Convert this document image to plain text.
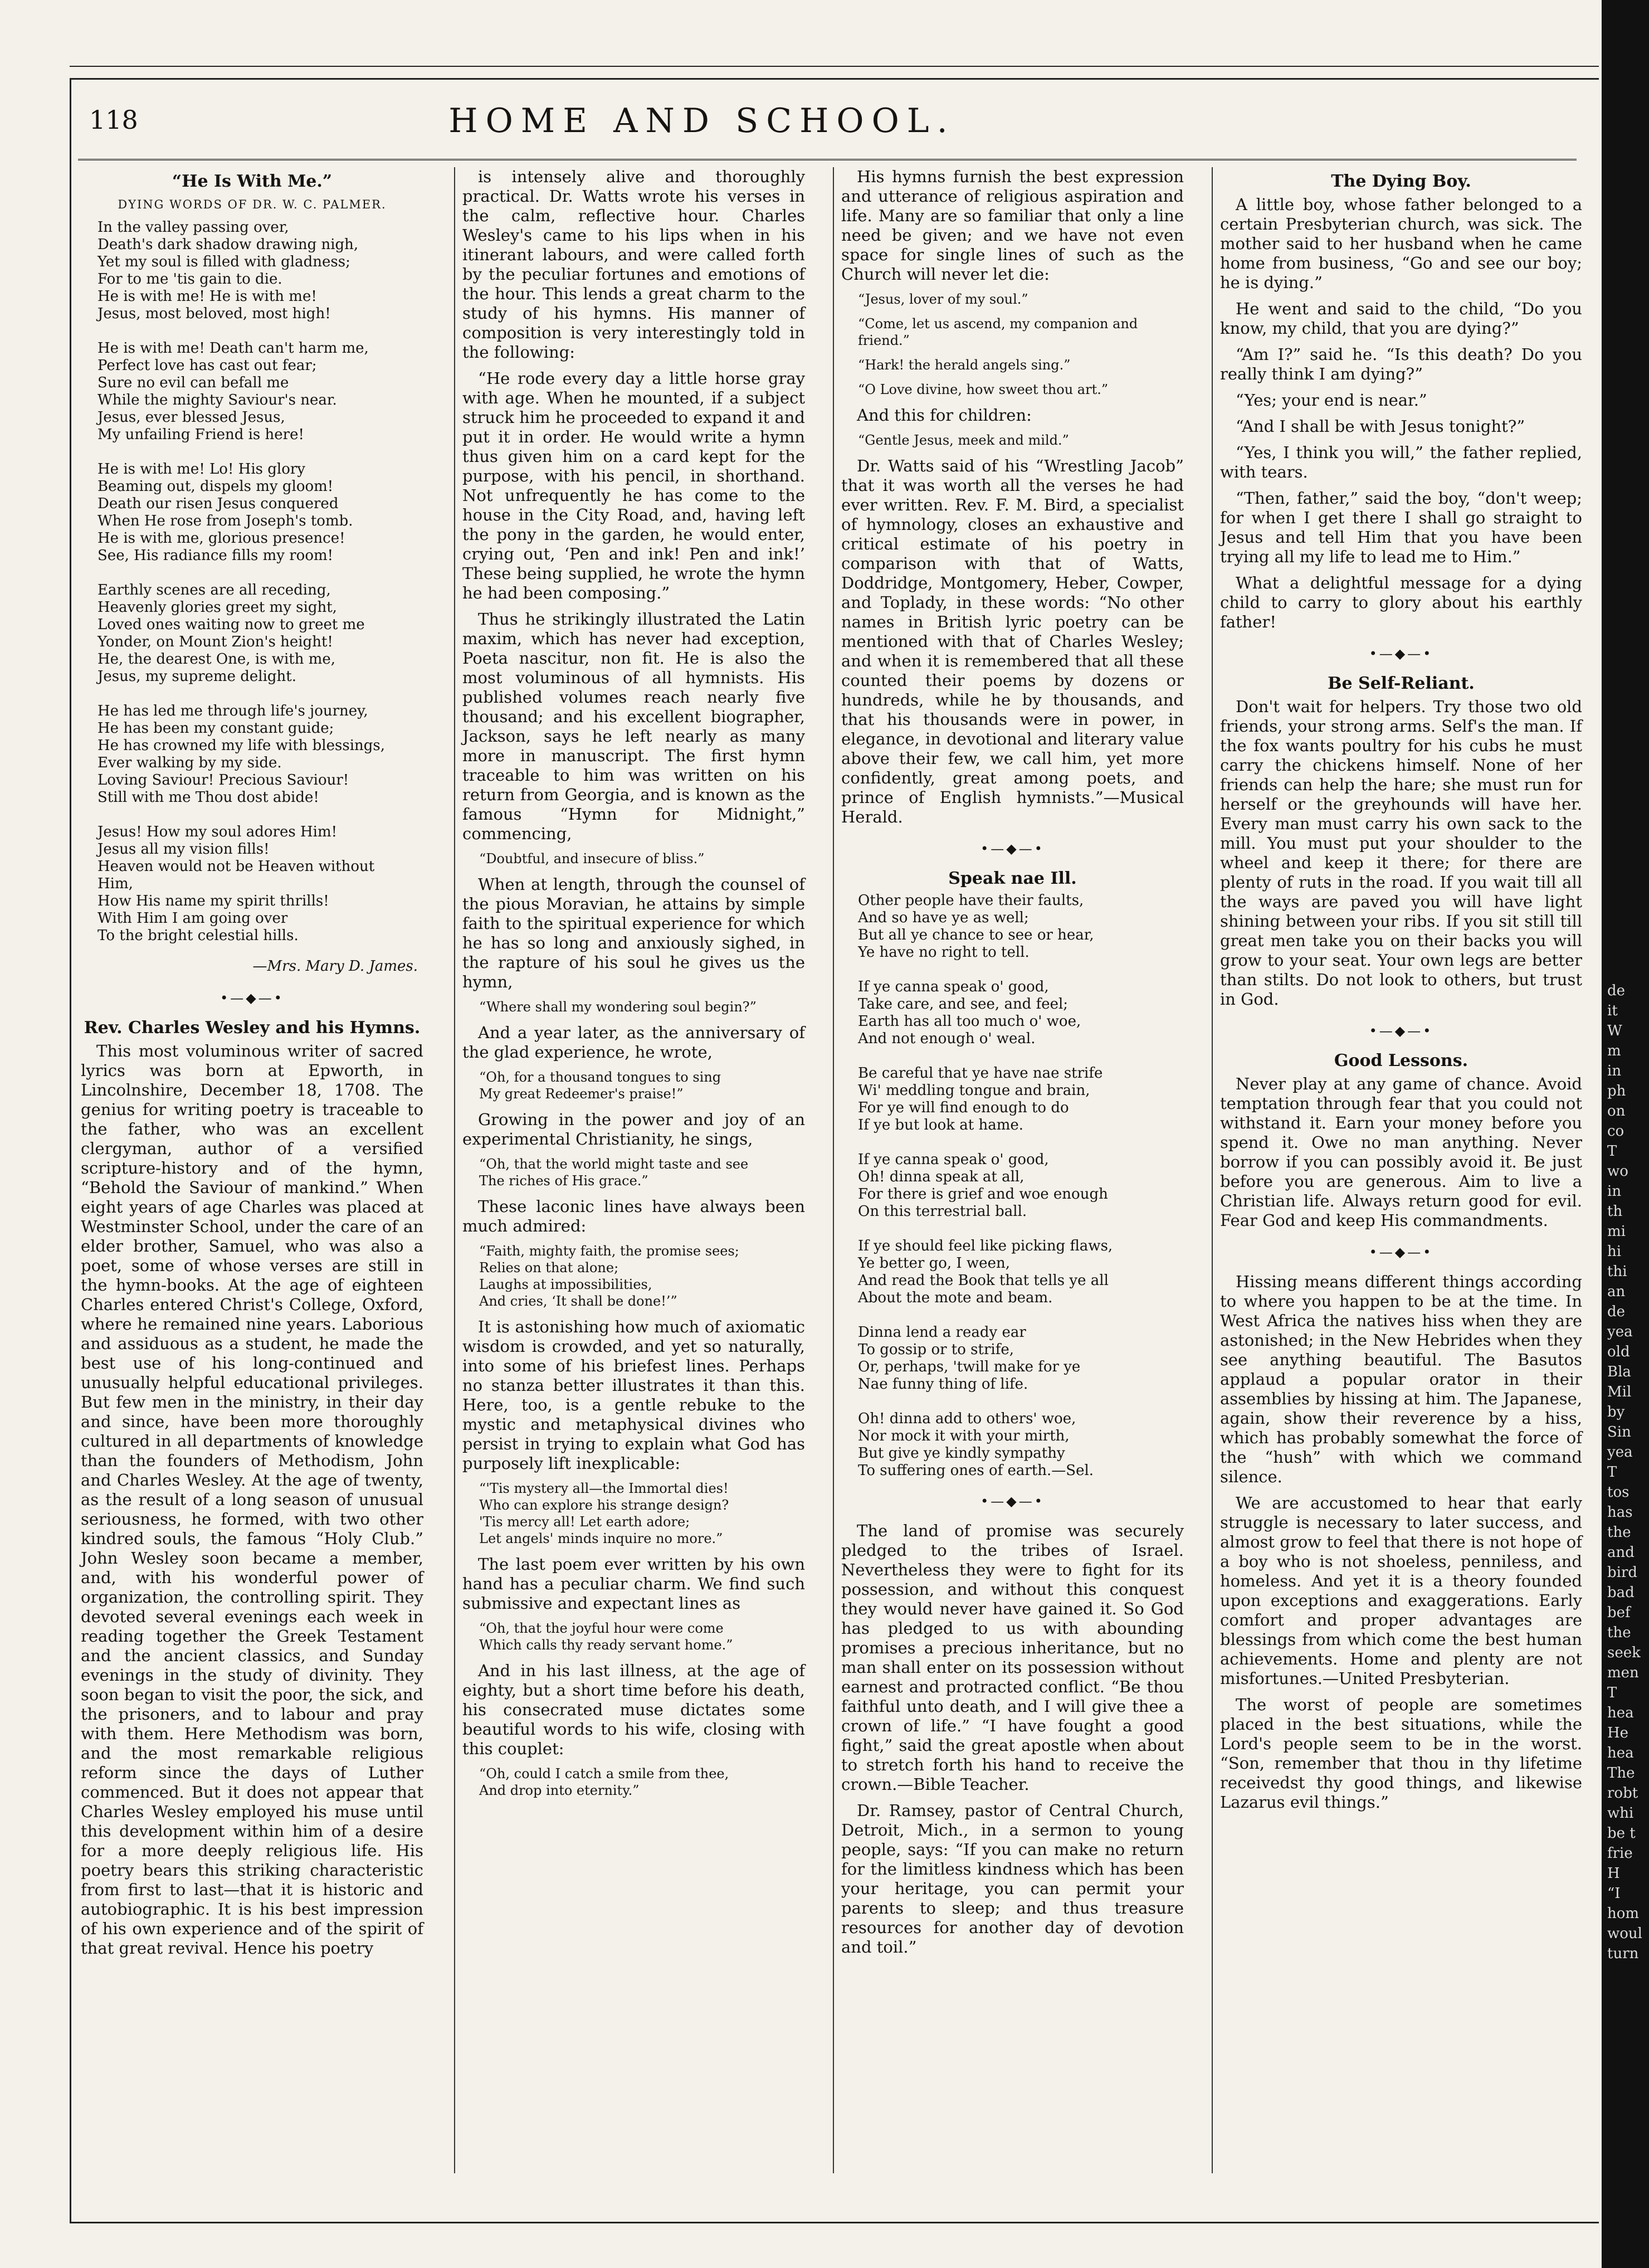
118	HOME AND SCHOOL.
“He Is With Me.”
DYING WORDS OF DR. W. C. PALMER.
In the valley passing over,
Death's dark shadow drawing nigh,
Yet my soul is filled with gladness;
For to me 'tis gain to die.
He is with me! He is with me!
Jesus, most beloved, most high!

He is with me! Death can't harm me,
Perfect love has cast out fear;
Sure no evil can befall me
While the mighty Saviour's near.
Jesus, ever blessed Jesus,
My unfailing Friend is here!

He is with me! Lo! His glory
Beaming out, dispels my gloom!
Death our risen Jesus conquered
When He rose from Joseph's tomb.
He is with me, glorious presence!
See, His radiance fills my room!

Earthly scenes are all receding,
Heavenly glories greet my sight,
Loved ones waiting now to greet me
Yonder, on Mount Zion's height!
He, the dearest One, is with me,
Jesus, my supreme delight.

He has led me through life's journey,
He has been my constant guide;
He has crowned my life with blessings,
Ever walking by my side.
Loving Saviour! Precious Saviour!
Still with me Thou dost abide!

Jesus! How my soul adores Him!
Jesus all my vision fills!
Heaven would not be Heaven without
Him,
How His name my spirit thrills!
With Him I am going over
To the bright celestial hills.
—Mrs. Mary D. James.
•—◆—•
Rev. Charles Wesley and his Hymns.

This most voluminous writer of sacred lyrics was born at Epworth, in Lincolnshire, December 18, 1708. The genius for writing poetry is traceable to the father, who was an excellent clergyman, author of a versified scripture-history and of the hymn, “Behold the Saviour of mankind.” When eight years of age Charles was placed at Westminster School, under the care of an elder brother, Samuel, who was also a poet, some of whose verses are still in the hymn-books. At the age of eighteen Charles entered Christ's College, Oxford, where he remained nine years. Laborious and assiduous as a student, he made the best use of his long-continued and unusually helpful educational privileges. But few men in the ministry, in their day and since, have been more thoroughly cultured in all departments of knowledge than the founders of Methodism, John and Charles Wesley. At the age of twenty, as the result of a long season of unusual seriousness, he formed, with two other kindred souls, the famous “Holy Club.” John Wesley soon became a member, and, with his wonderful power of organization, the controlling spirit. They devoted several evenings each week in reading together the Greek Testament and the ancient classics, and Sunday evenings in the study of divinity. They soon began to visit the poor, the sick, and the prisoners, and to labour and pray with them. Here Methodism was born, and the most remarkable religious reform since the days of Luther commenced. But it does not appear that Charles Wesley employed his muse until this development within him of a desire for a more deeply religious life. His poetry bears this striking characteristic from first to last—that it is historic and autobiographic. It is his best impression of his own experience and of the spirit of that great revival. Hence his poetry

is intensely alive and thoroughly practical. Dr. Watts wrote his verses in the calm, reflective hour. Charles Wesley's came to his lips when in his itinerant labours, and were called forth by the peculiar fortunes and emotions of the hour. This lends a great charm to the study of his hymns. His manner of composition is very interestingly told in the following:

“He rode every day a little horse gray with age. When he mounted, if a subject struck him he proceeded to expand it and put it in order. He would write a hymn thus given him on a card kept for the purpose, with his pencil, in shorthand. Not unfrequently he has come to the house in the City Road, and, having left the pony in the garden, he would enter, crying out, ‘Pen and ink! Pen and ink!’ These being supplied, he wrote the hymn he had been composing.”

Thus he strikingly illustrated the Latin maxim, which has never had exception, Poeta nascitur, non fit. He is also the most voluminous of all hymnists. His published volumes reach nearly five thousand; and his excellent biographer, Jackson, says he left nearly as many more in manuscript. The first hymn traceable to him was written on his return from Georgia, and is known as the famous “Hymn for Midnight,” commencing,

“Doubtful, and insecure of bliss.”

When at length, through the counsel of the pious Moravian, he attains by simple faith to the spiritual experience for which he has so long and anxiously sighed, in the rapture of his soul he gives us the hymn,

“Where shall my wondering soul begin?”

And a year later, as the anniversary of the glad experience, he wrote,

“Oh, for a thousand tongues to sing
My great Redeemer's praise!”

Growing in the power and joy of an experimental Christianity, he sings,

“Oh, that the world might taste and see
The riches of His grace.”

These laconic lines have always been much admired:

“Faith, mighty faith, the promise sees;
Relies on that alone;
Laughs at impossibilities,
And cries, ‘It shall be done!’”

It is astonishing how much of axiomatic wisdom is crowded, and yet so naturally, into some of his briefest lines. Perhaps no stanza better illustrates it than this. Here, too, is a gentle rebuke to the mystic and metaphysical divines who persist in trying to explain what God has purposely lift inexplicable:

“'Tis mystery all—the Immortal dies!
Who can explore his strange design?
'Tis mercy all! Let earth adore;
Let angels' minds inquire no more.”

The last poem ever written by his own hand has a peculiar charm. We find such submissive and expectant lines as

“Oh, that the joyful hour were come
Which calls thy ready servant home.”

And in his last illness, at the age of eighty, but a short time before his death, his consecrated muse dictates some beautiful words to his wife, closing with this couplet:

“Oh, could I catch a smile from thee,
And drop into eternity.”

His hymns furnish the best expression and utterance of religious aspiration and life. Many are so familiar that only a line need be given; and we have not even space for single lines of such as the Church will never let die:

“Jesus, lover of my soul.”
“Come, let us ascend, my companion and
friend.”
“Hark! the herald angels sing.”
“O Love divine, how sweet thou art.”

And this for children:

“Gentle Jesus, meek and mild.”

Dr. Watts said of his “Wrestling Jacob” that it was worth all the verses he had ever written. Rev. F. M. Bird, a specialist of hymnology, closes an exhaustive and critical estimate of his poetry in comparison with that of Watts, Doddridge, Montgomery, Heber, Cowper, and Toplady, in these words: “No other names in British lyric poetry can be mentioned with that of Charles Wesley; and when it is remembered that all these counted their poems by dozens or hundreds, while he by thousands, and that his thousands were in power, in elegance, in devotional and literary value above their few, we call him, yet more confidently, great among poets, and prince of English hymnists.”—Musical Herald.

•—◆—•
Speak nae Ill.
Other people have their faults,
And so have ye as well;
But all ye chance to see or hear,
Ye have no right to tell.

If ye canna speak o' good,
Take care, and see, and feel;
Earth has all too much o' woe,
And not enough o' weal.

Be careful that ye have nae strife
Wi' meddling tongue and brain,
For ye will find enough to do
If ye but look at hame.

If ye canna speak o' good,
Oh! dinna speak at all,
For there is grief and woe enough
On this terrestrial ball.

If ye should feel like picking flaws,
Ye better go, I ween,
And read the Book that tells ye all
About the mote and beam.

Dinna lend a ready ear
To gossip or to strife,
Or, perhaps, 'twill make for ye
Nae funny thing of life.

Oh! dinna add to others' woe,
Nor mock it with your mirth,
But give ye kindly sympathy
To suffering ones of earth.—Sel.
•—◆—•

The land of promise was securely pledged to the tribes of Israel. Nevertheless they were to fight for its possession, and without this conquest they would never have gained it. So God has pledged to us with abounding promises a precious inheritance, but no man shall enter on its possession without earnest and protracted conflict. “Be thou faithful unto death, and I will give thee a crown of life.” “I have fought a good fight,” said the great apostle when about to stretch forth his hand to receive the crown.—Bible Teacher.

Dr. Ramsey, pastor of Central Church, Detroit, Mich., in a sermon to young people, says: “If you can make no return for the limitless kindness which has been your heritage, you can permit your parents to sleep; and thus treasure resources for another day of devotion and toil.”

The Dying Boy.

A little boy, whose father belonged to a certain Presbyterian church, was sick. The mother said to her husband when he came home from business, “Go and see our boy; he is dying.”

He went and said to the child, “Do you know, my child, that you are dying?”

“Am I?” said he. “Is this death? Do you really think I am dying?”

“Yes; your end is near.”

“And I shall be with Jesus tonight?”

“Yes, I think you will,” the father replied, with tears.

“Then, father,” said the boy, “don't weep; for when I get there I shall go straight to Jesus and tell Him that you have been trying all my life to lead me to Him.”

What a delightful message for a dying child to carry to glory about his earthly father!

•—◆—•
Be Self-Reliant.

Don't wait for helpers. Try those two old friends, your strong arms. Self's the man. If the fox wants poultry for his cubs he must carry the chickens himself. None of her friends can help the hare; she must run for herself or the greyhounds will have her. Every man must carry his own sack to the mill. You must put your shoulder to the wheel and keep it there; for there are plenty of ruts in the road. If you wait till all the ways are paved you will have light shining between your ribs. If you sit still till great men take you on their backs you will grow to your seat. Your own legs are better than stilts. Do not look to others, but trust in God.

•—◆—•
Good Lessons.

Never play at any game of chance. Avoid temptation through fear that you could not withstand it. Earn your money before you spend it. Owe no man anything. Never borrow if you can possibly avoid it. Be just before you are generous. Aim to live a Christian life. Always return good for evil. Fear God and keep His commandments.

•—◆—•

Hissing means different things according to where you happen to be at the time. In West Africa the natives hiss when they are astonished; in the New Hebrides when they see anything beautiful. The Basutos applaud a popular orator in their assemblies by hissing at him. The Japanese, again, show their reverence by a hiss, which has probably somewhat the force of the “hush” with which we command silence.

We are accustomed to hear that early struggle is necessary to later success, and almost grow to feel that there is not hope of a boy who is not shoeless, penniless, and homeless. And yet it is a theory founded upon exceptions and exaggerations. Early comfort and proper advantages are blessings from which come the best human achievements. Home and plenty are not misfortunes.—United Presbyterian.

The worst of people are sometimes placed in the best situations, while the Lord's people seem to be in the worst. “Son, remember that thou in thy lifetime receivedst thy good things, and likewise Lazarus evil things.”

de
it
W
m
in
ph
on
co
T
wo
in
th
mi
hi
thi
an
de
yea
old
Bla
Mil
by
Sin
yea
T
tos
has
the
and
bird
bad
bef
the
seek
men
T
hea
He
hea
The
robt
whi
be t
frie
H
“I
hom
woul
turn
